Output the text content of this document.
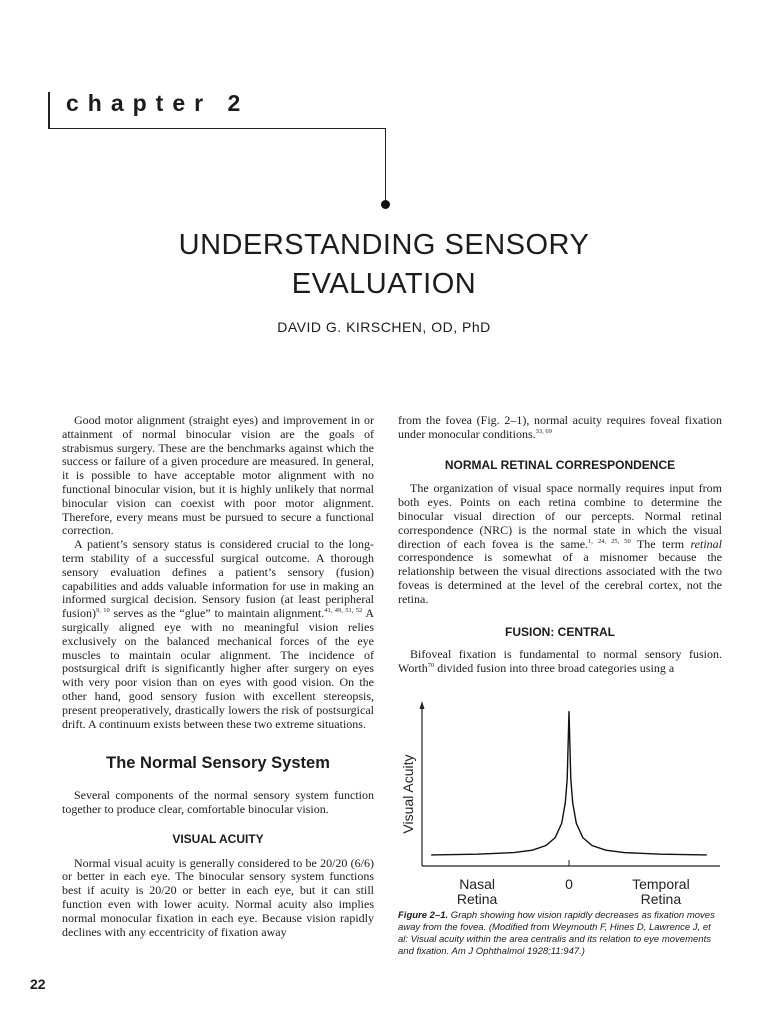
chapter 2
UNDERSTANDING SENSORY
EVALUATION
DAVID G. KIRSCHEN, OD, PhD

Good motor alignment (straight eyes) and improvement in or attainment of normal binocular vision are the goals of strabismus surgery. These are the benchmarks against which the success or failure of a given procedure are measured. In general, it is possible to have acceptable motor alignment with no functional binocular vision, but it is highly unlikely that normal binocular vision can coexist with poor motor alignment. Therefore, every means must be pursued to secure a functional correction.

A patient’s sensory status is considered crucial to the long-term stability of a successful surgical outcome. A thorough sensory evaluation defines a patient’s sensory (fusion) capabilities and adds valuable information for use in making an informed surgical decision. Sensory fusion (at least peripheral fusion)$^{9, 10}$ serves as the “glue” to maintain alignment.$^{41, 49, 51, 52}$ A surgically aligned eye with no meaningful vision relies exclusively on the balanced mechanical forces of the eye muscles to maintain ocular alignment. The incidence of postsurgical drift is significantly higher after surgery on eyes with very poor vision than on eyes with good vision. On the other hand, good sensory fusion with excellent stereopsis, present preoperatively, drastically lowers the risk of postsurgical drift. A continuum exists between these two extreme situations.

The Normal Sensory System

Several components of the normal sensory system function together to produce clear, comfortable binocular vision.

VISUAL ACUITY

Normal visual acuity is generally considered to be 20/20 (6/6) or better in each eye. The binocular sensory system functions best if acuity is 20/20 or better in each eye, but it can still function even with lower acuity. Normal acuity also implies normal monocular fixation in each eye. Because vision rapidly declines with any eccentricity of fixation away

from the fovea (Fig. 2–1), normal acuity requires foveal fixation under monocular conditions.$^{33, 69}$

NORMAL RETINAL CORRESPONDENCE

The organization of visual space normally requires input from both eyes. Points on each retina combine to determine the binocular visual direction of our percepts. Normal retinal correspondence (NRC) is the normal state in which the visual direction of each fovea is the same.$^{1, 24, 25, 50}$ The term retinal correspondence is somewhat of a misnomer because the relationship between the visual directions associated with the two foveas is determined at the level of the cerebral cortex, not the retina.

FUSION: CENTRAL

Bifoveal fixation is fundamental to normal sensory fusion. Worth$^{70}$ divided fusion into three broad categories using a

Visual Acuity
Nasal Retina
0	Temporal Retina
Figure 2–1. Graph showing how vision rapidly decreases as fixation moves away from the fovea. (Modified from Weymouth F, Hines D, Lawrence J, et al: Visual acuity within the area centralis and its relation to eye movements and fixation. Am J Ophthalmol 1928;11:947.)
22
